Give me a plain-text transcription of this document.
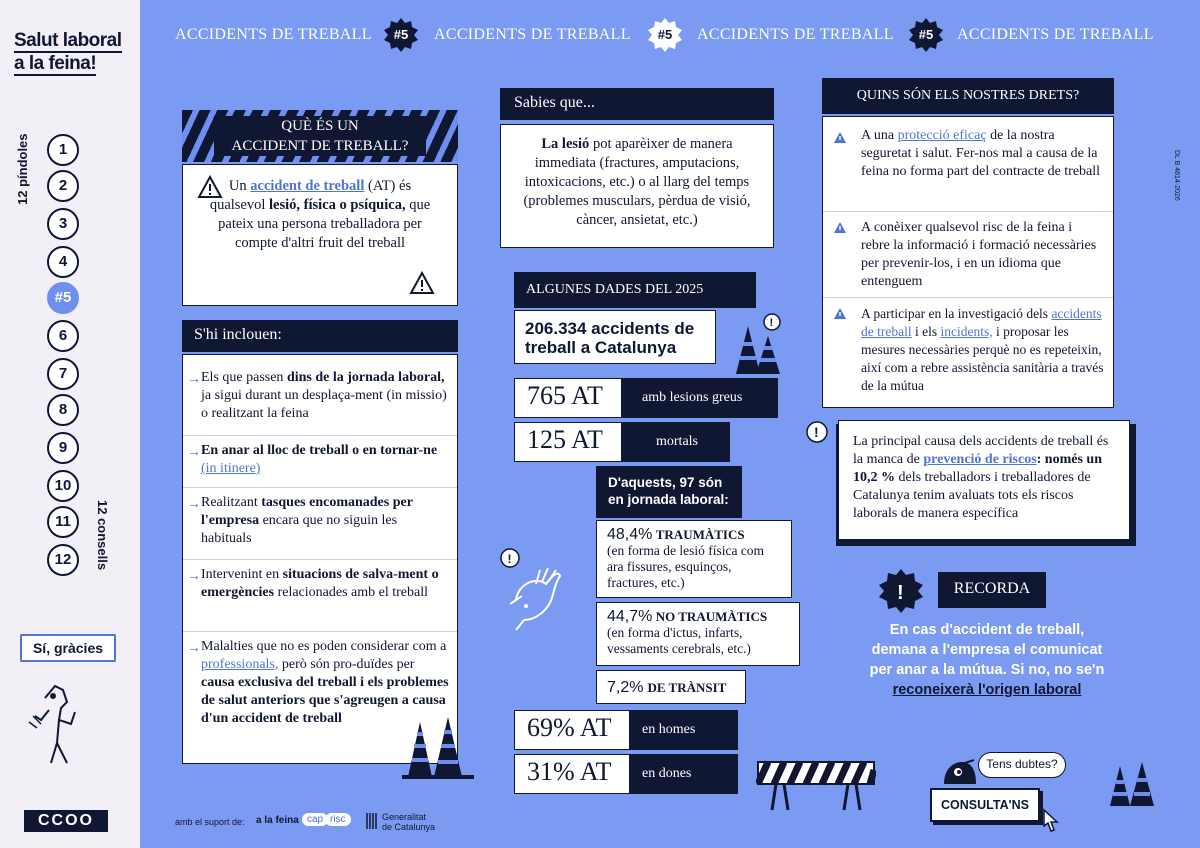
Salut laboral
a la feina!
12 píndoles
12 consells
1
2
3
4
#5
6
7
8
9
10
11
12
Sí, gràcies
CCOO
ACCIDENTS DE TREBALL	#5	ACCIDENTS DE TREBALL	#5	ACCIDENTS DE TREBALL	#5	ACCIDENTS DE TREBALL
QUÈ ÉS UN
ACCIDENT DE TREBALL?
Un accident de treball (AT) és qualsevol lesió, física o psíquica, que pateix una persona treballadora per compte d'altri fruit del treball
S'hi inclouen:
→ Els que passen dins de la jornada laboral, ja sigui durant un desplaça-ment (in missio) o realitzant la feina
→ En anar al lloc de treball o en tornar-ne (in itinere)
→ Realitzant tasques encomanades per l'empresa encara que no siguin les habituals
→ Intervenint en situacions de salva-ment o emergències relacionades amb el treball
→ Malalties que no es poden considerar com a professionals, però són pro-duïdes per causa exclusiva del treball i els problemes de salut anteriors que s'agreugen a causa d'un accident de treball
Sabies que...
La lesió pot aparèixer de manera immediata (fractures, amputacions, intoxicacions, etc.) o al llarg del temps (problemes musculars, pèrdua de visió, càncer, ansietat, etc.)
ALGUNES DADES DEL 2025
206.334 accidents de treball a Catalunya
!
765 AT	amb lesions greus
125 AT	mortals
D'aquests, 97 són en jornada laboral:
48,4% TRAUMÀTICS
(en forma de lesió física com ara fissures, esquinços, fractures, etc.)
44,7% NO TRAUMÀTICS
(en forma d'ictus, infarts, vessaments cerebrals, etc.)
7,2% DE TRÀNSIT
!
69% AT	en homes
31% AT	en dones
QUINS SÓN ELS NOSTRES DRETS?
A una protecció eficaç de la nostra seguretat i salut. Fer-nos mal a causa de la feina no forma part del contracte de treball
A conèixer qualsevol risc de la feina i rebre la informació i formació necessàries per prevenir-los, i en un idioma que entenguem
A participar en la investigació dels accidents de treball i els incidents, i proposar les mesures necessàries perquè no es repeteixin, així com a rebre assistència sanitària a través de la mútua
DL B 4814-2026
La principal causa dels accidents de treball és la manca de prevenció de riscos: només un 10,2 % dels treballadors i treballadores de Catalunya tenim avaluats tots els riscos laborals de manera específica
!
!	RECORDA
En cas d'accident de treball, demana a l'empresa el comunicat per anar a la mútua. Si no, no se'n
reconeixerà l'origen laboral
Tens dubtes?
CONSULTA'NS
amb el suport de: a la feina cap risc	Generalitat
de Catalunya
